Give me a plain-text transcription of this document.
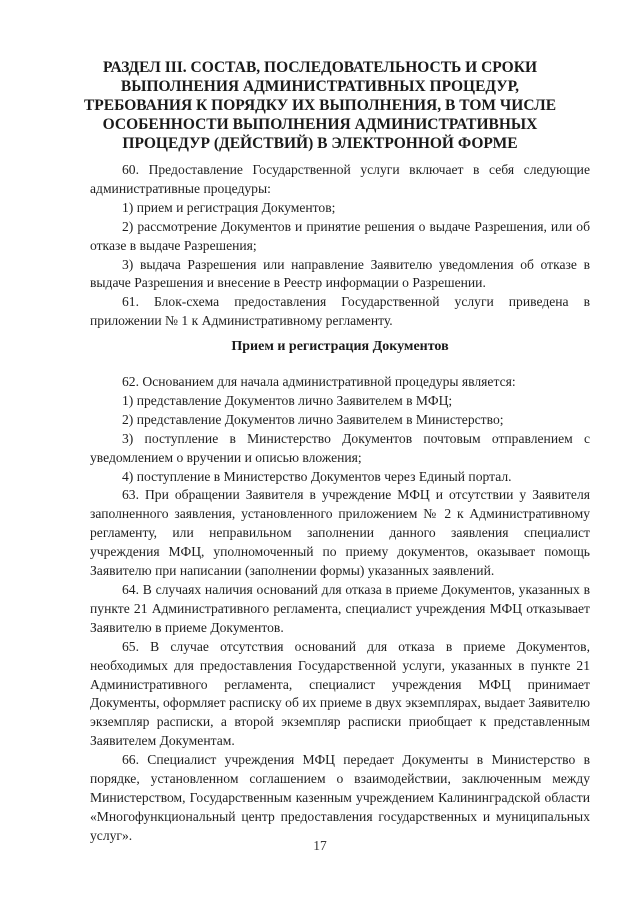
РАЗДЕЛ III. СОСТАВ, ПОСЛЕДОВАТЕЛЬНОСТЬ И СРОКИ
ВЫПОЛНЕНИЯ АДМИНИСТРАТИВНЫХ ПРОЦЕДУР,
ТРЕБОВАНИЯ К ПОРЯДКУ ИХ ВЫПОЛНЕНИЯ, В ТОМ ЧИСЛЕ
ОСОБЕННОСТИ ВЫПОЛНЕНИЯ АДМИНИСТРАТИВНЫХ
ПРОЦЕДУР (ДЕЙСТВИЙ) В ЭЛЕКТРОННОЙ ФОРМЕ

60. Предоставление Государственной услуги включает в себя следующие административные процедуры:

1) прием и регистрация Документов;

2) рассмотрение Документов и принятие решения о выдаче Разрешения, или об отказе в выдаче Разрешения;

3) выдача Разрешения или направление Заявителю уведомления об отказе в выдаче Разрешения и внесение в Реестр информации о Разрешении.

61. Блок-схема предоставления Государственной услуги приведена в приложении № 1 к Административному регламенту.

Прием и регистрация Документов

62. Основанием для начала административной процедуры является:

1) представление Документов лично Заявителем в МФЦ;

2) представление Документов лично Заявителем в Министерство;

3) поступление в Министерство Документов почтовым отправлением с уведомлением о вручении и описью вложения;

4) поступление в Министерство Документов через Единый портал.

63. При обращении Заявителя в учреждение МФЦ и отсутствии у Заявителя заполненного заявления, установленного приложением № 2 к Административному регламенту, или неправильном заполнении данного заявления специалист учреждения МФЦ, уполномоченный по приему документов, оказывает помощь Заявителю при написании (заполнении формы) указанных заявлений.

64. В случаях наличия оснований для отказа в приеме Документов, указанных в пункте 21 Административного регламента, специалист учреждения МФЦ отказывает Заявителю в приеме Документов.

65. В случае отсутствия оснований для отказа в приеме Документов, необходимых для предоставления Государственной услуги, указанных в пункте 21 Административного регламента, специалист учреждения МФЦ принимает Документы, оформляет расписку об их приеме в двух экземплярах, выдает Заявителю экземпляр расписки, а второй экземпляр расписки приобщает к представленным Заявителем Документам.

66. Специалист учреждения МФЦ передает Документы в Министерство в порядке, установленном соглашением о взаимодействии, заключенным между Министерством, Государственным казенным учреждением Калининградской области «Многофункциональный центр предоставления государственных и муниципальных услуг».

17
